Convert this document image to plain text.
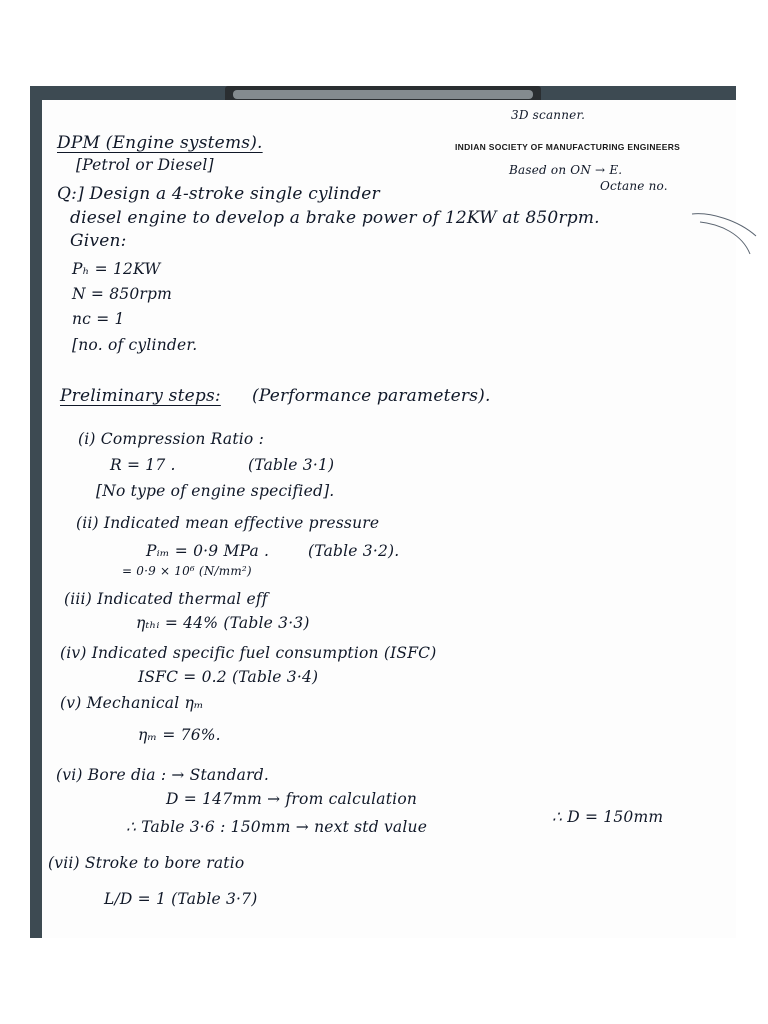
3D scanner.
DPM (Engine systems).
[Petrol or Diesel]
INDIAN SOCIETY OF MANUFACTURING ENGINEERS
Based on ON → E.
Octane no.
Q:] Design a 4-stroke single cylinder
diesel engine to develop a brake power of 12KW at 850rpm.
Given:
Pₕ = 12KW
N = 850rpm
nᴄ = 1
[no. of cylinder.
Preliminary steps: (Performance parameters).
(i) Compression Ratio :
R = 17 .	(Table 3·1)
[No type of engine specified].
(ii) Indicated mean effective pressure
Pᵢₘ = 0·9 MPa .	(Table 3·2).
= 0·9 × 10⁶ (N/mm²)
(iii) Indicated thermal eff
ηₜₕᵢ = 44% (Table 3·3)
(iv) Indicated specific fuel consumption (ISFC)
ISFC = 0.2 (Table 3·4)
(v) Mechanical ηₘ
ηₘ = 76%.
(vi) Bore dia : → Standard.
D = 147mm → from calculation
∴ Table 3·6 : 150mm → next std value
∴ D = 150mm
(vii) Stroke to bore ratio
L/D = 1 (Table 3·7)
